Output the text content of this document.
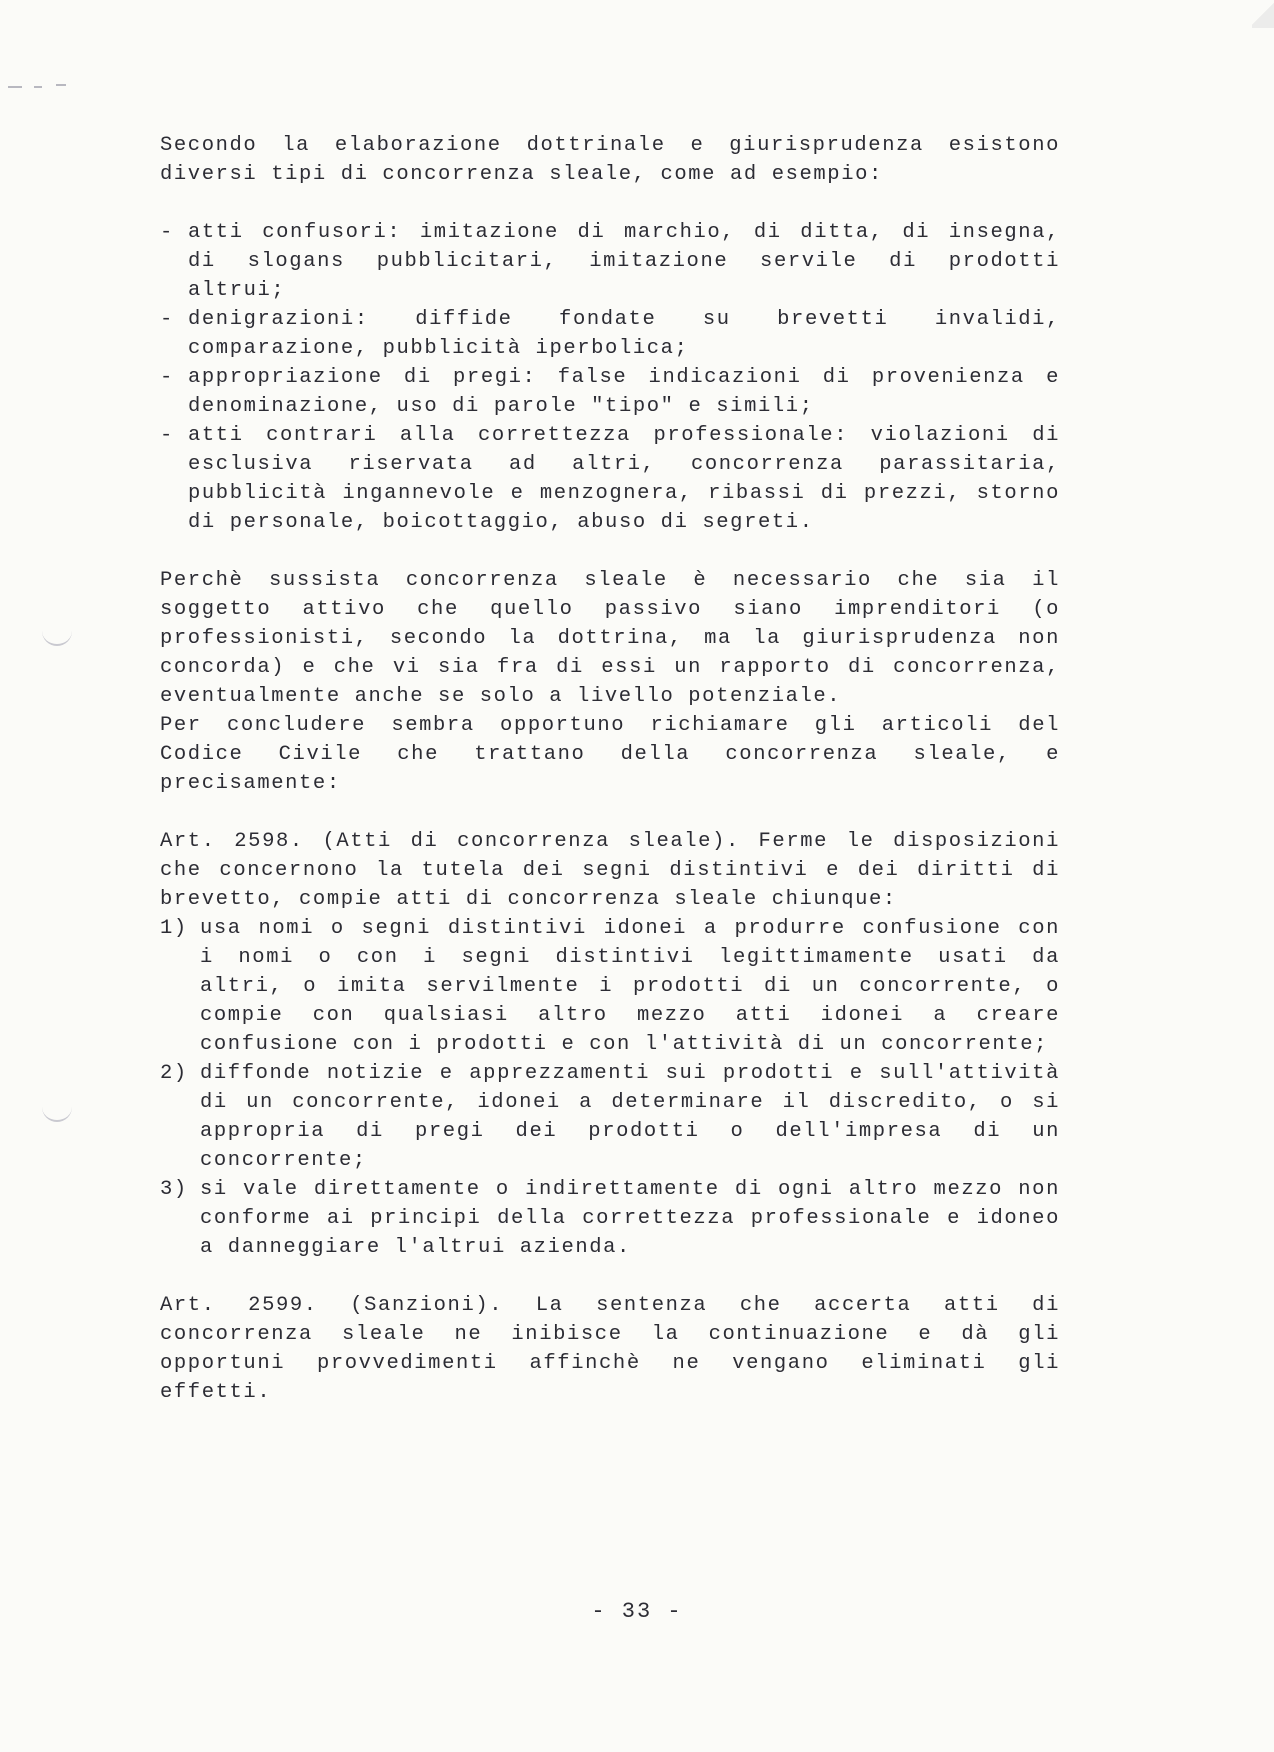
Secondo la elaborazione dottrinale e giurisprudenza esistono diversi tipi di concorrenza sleale, come ad esempio:

- atti confusori: imitazione di marchio, di ditta, di insegna, di slogans pubblicitari, imitazione servile di prodotti altrui;

- denigrazioni: diffide fondate su brevetti invalidi, comparazione, pubblicità iperbolica;

- appropriazione di pregi: false indicazioni di provenienza e denominazione, uso di parole "tipo" e simili;

- atti contrari alla correttezza professionale: violazioni di esclusiva riservata ad altri, concorrenza parassitaria, pubblicità ingannevole e menzognera, ribassi di prezzi, storno di personale, boicottaggio, abuso di segreti.

Perchè sussista concorrenza sleale è necessario che sia il soggetto attivo che quello passivo siano imprenditori (o professionisti, secondo la dottrina, ma la giurisprudenza non concorda) e che vi sia fra di essi un rapporto di concorrenza, eventualmente anche se solo a livello potenziale.

Per concludere sembra opportuno richiamare gli articoli del Codice Civile che trattano della concorrenza sleale, e precisamente:

Art. 2598. (Atti di concorrenza sleale). Ferme le disposizioni che concernono la tutela dei segni distintivi e dei diritti di brevetto, compie atti di concorrenza sleale chiunque:

1) usa nomi o segni distintivi idonei a produrre confusione con i nomi o con i segni distintivi legittimamente usati da altri, o imita servilmente i prodotti di un concorrente, o compie con qualsiasi altro mezzo atti idonei a creare confusione con i prodotti e con l'attività di un concorrente;

2) diffonde notizie e apprezzamenti sui prodotti e sull'attività di un concorrente, idonei a determinare il discredito, o si appropria di pregi dei prodotti o dell'impresa di un concorrente;

3) si vale direttamente o indirettamente di ogni altro mezzo non conforme ai principi della correttezza professionale e idoneo a danneggiare l'altrui azienda.

Art. 2599. (Sanzioni). La sentenza che accerta atti di concorrenza sleale ne inibisce la continuazione e dà gli opportuni provvedimenti affinchè ne vengano eliminati gli effetti.

- 33 -
